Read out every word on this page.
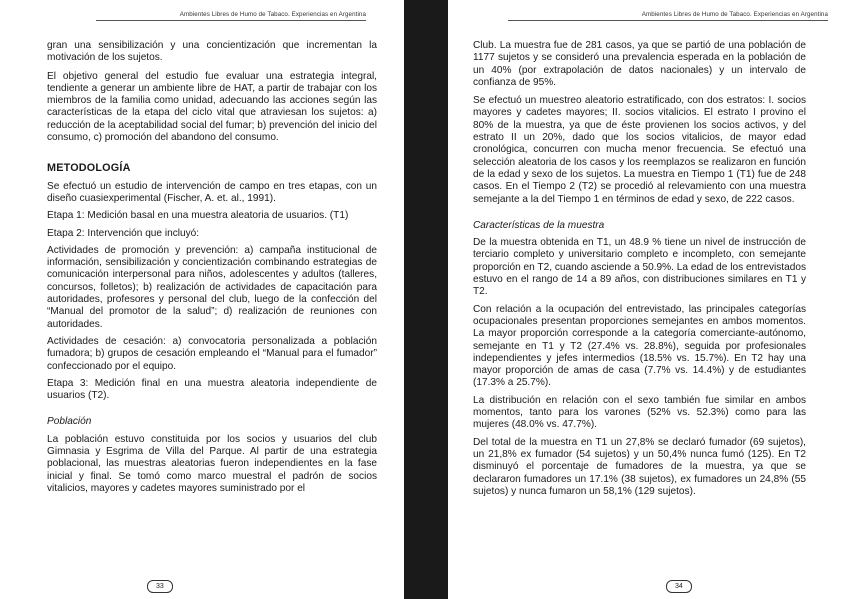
Ambientes Libres de Humo de Tabaco. Experiencias en Argentina

gran una sensibilización y una concientización que incrementan la motivación de los sujetos.

El objetivo general del estudio fue evaluar una estrategia integral, tendiente a generar un ambiente libre de HAT, a partir de trabajar con los miembros de la familia como unidad, adecuando las acciones según las características de la etapa del ciclo vital que atraviesan los sujetos: a) reducción de la aceptabilidad social del fumar; b) prevención del inicio del consumo, c) promoción del abandono del consumo.

METODOLOGÍA

Se efectuó un estudio de intervención de campo en tres etapas, con un diseño cuasiexperimental (Fischer, A. et. al., 1991).

Etapa 1: Medición basal en una muestra aleatoria de usuarios. (T1)

Etapa 2: Intervención que incluyó:

Actividades de promoción y prevención: a) campaña institucional de información, sensibilización y concientización combinando estrategias de comunicación interpersonal para niños, adolescentes y adultos (talleres, concursos, folletos); b) realización de actividades de capacitación para autoridades, profesores y personal del club, luego de la confección del “Manual del promotor de la salud”; d) realización de reuniones con autoridades.

Actividades de cesación: a) convocatoria personalizada a población fumadora; b) grupos de cesación empleando el “Manual para el fumador” confeccionado por el equipo.

Etapa 3: Medición final en una muestra aleatoria independiente de usuarios (T2).

Población

La población estuvo constituida por los socios y usuarios del club Gimnasia y Esgrima de Villa del Parque. Al partir de una estrategia poblacional, las muestras aleatorias fueron independientes en la fase inicial y final. Se tomó como marco muestral el padrón de socios vitalicios, mayores y cadetes mayores suministrado por el

33
Ambientes Libres de Humo de Tabaco. Experiencias en Argentina

Club. La muestra fue de 281 casos, ya que se partió de una población de 1177 sujetos y se consideró una prevalencia esperada en la población de un 40% (por extrapolación de datos nacionales) y un intervalo de confianza de 95%.

Se efectuó un muestreo aleatorio estratificado, con dos estratos: I. socios mayores y cadetes mayores; II. socios vitalicios. El estrato I provino el 80% de la muestra, ya que de éste provienen los socios activos, y del estrato II un 20%, dado que los socios vitalicios, de mayor edad cronológica, concurren con mucha menor frecuencia. Se efectuó una selección aleatoria de los casos y los reemplazos se realizaron en función de la edad y sexo de los sujetos. La muestra en Tiempo 1 (T1) fue de 248 casos. En el Tiempo 2 (T2) se procedió al relevamiento con una muestra semejante a la del Tiempo 1 en términos de edad y sexo, de 222 casos.

Características de la muestra

De la muestra obtenida en T1, un 48.9 % tiene un nivel de instrucción de terciario completo y universitario completo e incompleto, con semejante proporción en T2, cuando asciende a 50.9%. La edad de los entrevistados estuvo en el rango de 14 a 89 años, con distribuciones similares en T1 y T2.

Con relación a la ocupación del entrevistado, las principales categorías ocupacionales presentan proporciones semejantes en ambos momentos. La mayor proporción corresponde a la categoría comerciante-autónomo, semejante en T1 y T2 (27.4% vs. 28.8%), seguida por profesionales independientes y jefes intermedios (18.5% vs. 15.7%). En T2 hay una mayor proporción de amas de casa (7.7% vs. 14.4%) y de estudiantes (17.3% a 25.7%).

La distribución en relación con el sexo también fue similar en ambos momentos, tanto para los varones (52% vs. 52.3%) como para las mujeres (48.0% vs. 47.7%).

Del total de la muestra en T1 un 27,8% se declaró fumador (69 sujetos), un 21,8% ex fumador (54 sujetos) y un 50,4% nunca fumó (125). En T2 disminuyó el porcentaje de fumadores de la muestra, ya que se declararon fumadores un 17.1% (38 sujetos), ex fumadores un 24,8% (55 sujetos) y nunca fumaron un 58,1% (129 sujetos).

34
